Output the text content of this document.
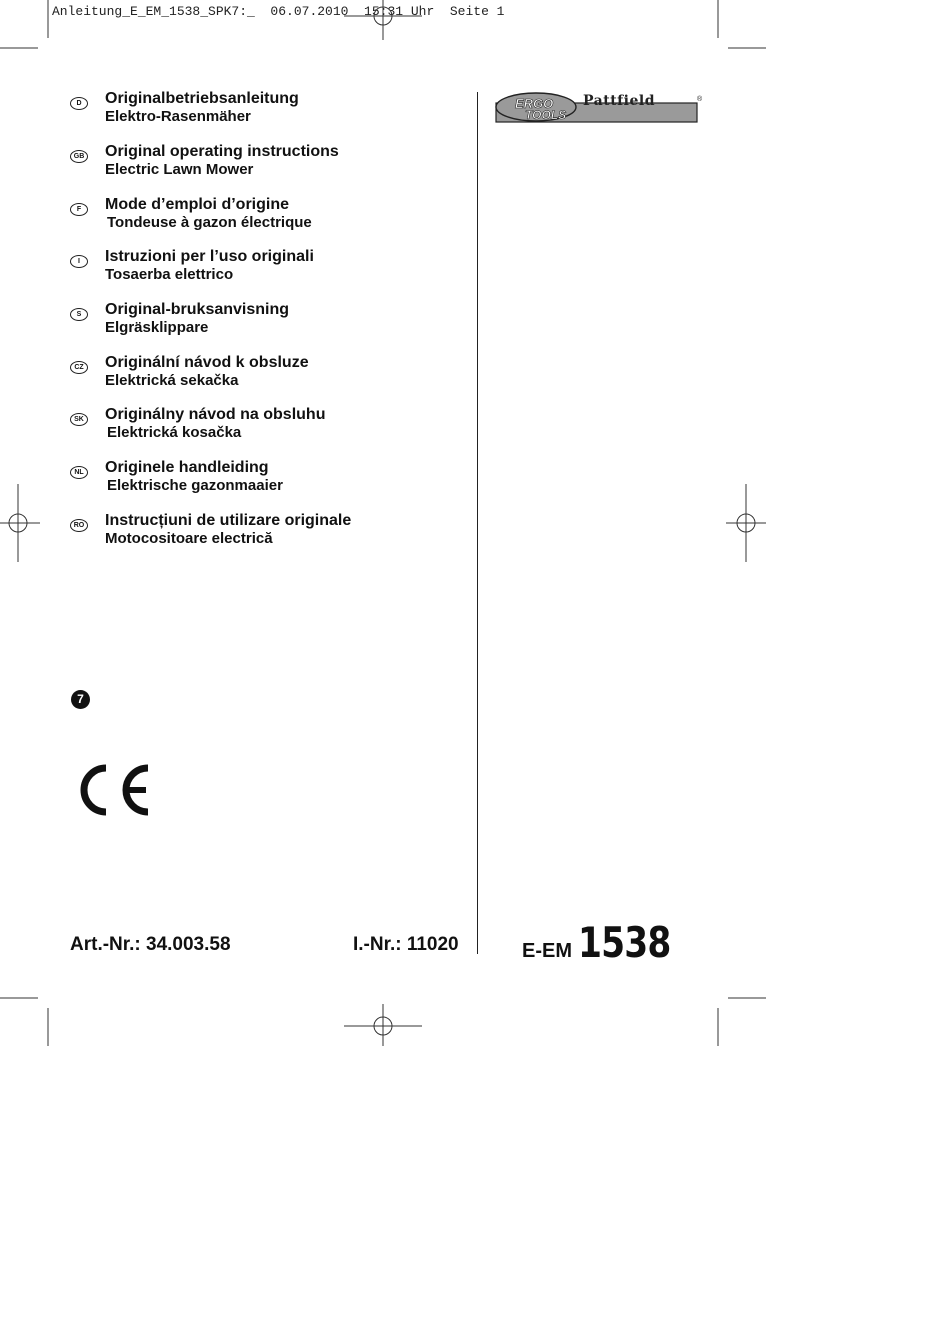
Anleitung_E_EM_1538_SPK7:_  06.07.2010  15:31 Uhr  Seite 1
D	Originalbetriebsanleitung
Elektro-Rasenmäher
GB Original operating instructions
Electric Lawn Mower
F	Mode d’emploi d’origine
Tondeuse à gazon électrique
I	Istruzioni per l’uso originali
Tosaerba elettrico
S	Original-bruksanvisning
Elgräsklippare
CZ Originální návod k obsluze
Elektrická sekačka
SK Originálny návod na obsluhu
Elektrická kosačka
NL Originele handleiding
Elektrische gazonmaaier
RO Instrucțiuni de utilizare originale
Motocositoare electrică
ERGO
TOOLS
Pattfield	®
7
Art.-Nr.: 34.003.58	I.-Nr.: 11020	E-EM 1538
